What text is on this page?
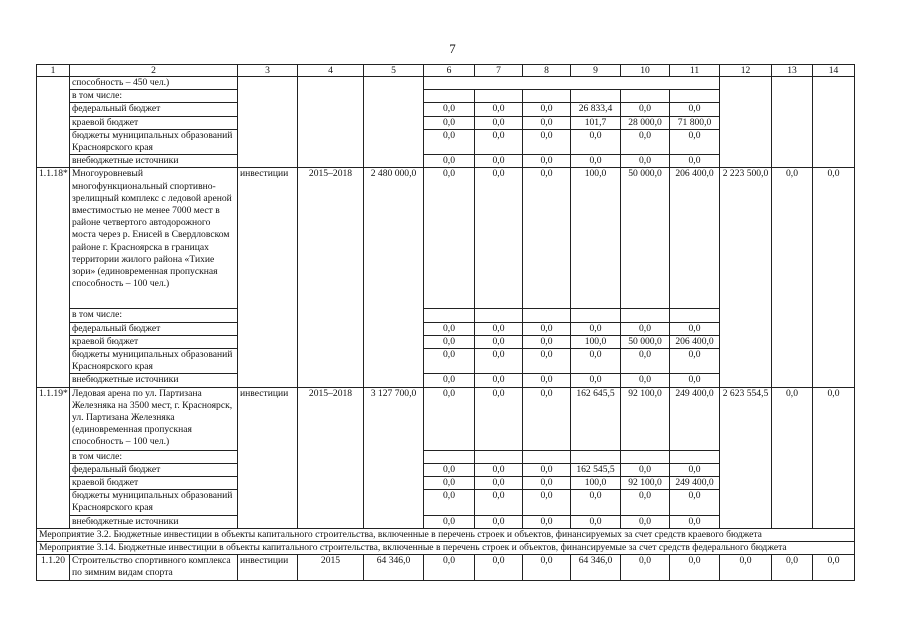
7
1	2	3	4	5	6	7	8	9	10	11	12	13	14
	способность – 450 чел.)												
	в том числе:												
	федеральный бюджет				0,0	0,0	0,0	26 833,4	0,0	0,0			
	краевой бюджет				0,0	0,0	0,0	101,7	28 000,0	71 800,0			
	бюджеты муниципальных образований Красноярского края				0,0	0,0	0,0	0,0	0,0	0,0			
	внебюджетные источники				0,0	0,0	0,0	0,0	0,0	0,0			
1.1.18*	Многоуровневый многофункциональный спортивно-зрелищный комплекс с ледовой ареной вместимостью не менее 7000 мест в районе четвертого автодорожного моста через р. Енисей в Свердловском районе г. Красноярска в границах территории жилого района «Тихие зори» (единовременная пропускная способность – 100 чел.)	инвестиции	2015–2018	2 480 000,0	0,0	0,0	0,0	100,0	50 000,0	206 400,0	2 223 500,0	0,0	0,0
	в том числе:												
	федеральный бюджет				0,0	0,0	0,0	0,0	0,0	0,0			
	краевой бюджет				0,0	0,0	0,0	100,0	50 000,0	206 400,0			
	бюджеты муниципальных образований Красноярского края				0,0	0,0	0,0	0,0	0,0	0,0			
	внебюджетные источники				0,0	0,0	0,0	0,0	0,0	0,0			
1.1.19*	Ледовая арена по ул. Партизана Железняка на 3500 мест, г. Красноярск, ул. Партизана Железняка (единовременная пропускная способность – 100 чел.)	инвестиции	2015–2018	3 127 700,0	0,0	0,0	0,0	162 645,5	92 100,0	249 400,0	2 623 554,5	0,0	0,0
	в том числе:												
	федеральный бюджет				0,0	0,0	0,0	162 545,5	0,0	0,0			
	краевой бюджет				0,0	0,0	0,0	100,0	92 100,0	249 400,0			
	бюджеты муниципальных образований Красноярского края				0,0	0,0	0,0	0,0	0,0	0,0			
	внебюджетные источники				0,0	0,0	0,0	0,0	0,0	0,0			
Мероприятие 3.2. Бюджетные инвестиции в объекты капитального строительства, включенные в перечень строек и объектов, финансируемых за счет средств краевого бюджета													
Мероприятие 3.14. Бюджетные инвестиции в объекты капитального строительства, включенные в перечень строек и объектов, финансируемые за счет средств федерального бюджета													
1.1.20	Строительство спортивного комплекса по зимним видам спорта	инвестиции	2015	64 346,0	0,0	0,0	0,0	64 346,0	0,0	0,0	0,0	0,0	0,0
